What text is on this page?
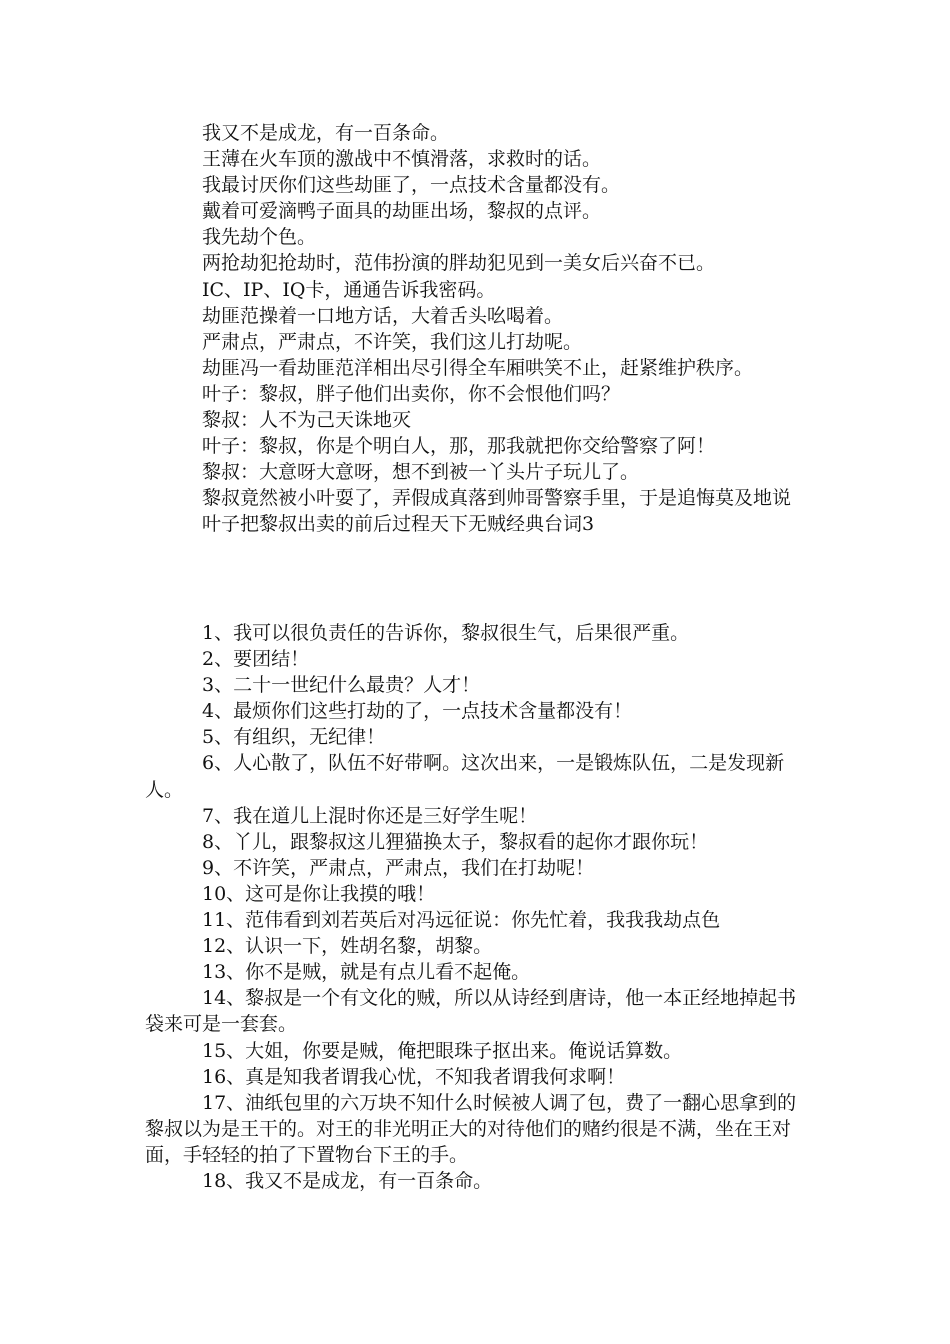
我又不是成龙，有一百条命。

王薄在火车顶的激战中不慎滑落，求救时的话。

我最讨厌你们这些劫匪了，一点技术含量都没有。

戴着可爱滴鸭子面具的劫匪出场，黎叔的点评。

我先劫个色。

两抢劫犯抢劫时，范伟扮演的胖劫犯见到一美女后兴奋不已。

IC、IP、IQ卡，通通告诉我密码。

劫匪范操着一口地方话，大着舌头吆喝着。

严肃点，严肃点，不许笑，我们这儿打劫呢。

劫匪冯一看劫匪范洋相出尽引得全车厢哄笑不止，赶紧维护秩序。

叶子：黎叔，胖子他们出卖你，你不会恨他们吗？

黎叔：人不为己天诛地灭

叶子：黎叔，你是个明白人，那，那我就把你交给警察了阿！

黎叔：大意呀大意呀，想不到被一丫头片子玩儿了。

黎叔竟然被小叶耍了，弄假成真落到帅哥警察手里，于是追悔莫及地说

叶子把黎叔出卖的前后过程天下无贼经典台词3

1、我可以很负责任的告诉你，黎叔很生气，后果很严重。

2、要团结！

3、二十一世纪什么最贵？人才！

4、最烦你们这些打劫的了，一点技术含量都没有！

5、有组织，无纪律！

6、人心散了，队伍不好带啊。这次出来，一是锻炼队伍，二是发现新人。

7、我在道儿上混时你还是三好学生呢！

8、丫儿，跟黎叔这儿狸猫换太子，黎叔看的起你才跟你玩！

9、不许笑，严肃点，严肃点，我们在打劫呢！

10、这可是你让我摸的哦！

11、范伟看到刘若英后对冯远征说：你先忙着，我我我劫点色

12、认识一下，姓胡名黎，胡黎。

13、你不是贼，就是有点儿看不起俺。

14、黎叔是一个有文化的贼，所以从诗经到唐诗，他一本正经地掉起书袋来可是一套套。

15、大姐，你要是贼，俺把眼珠子抠出来。俺说话算数。

16、真是知我者谓我心忧，不知我者谓我何求啊！

17、油纸包里的六万块不知什么时候被人调了包，费了一翻心思拿到的黎叔以为是王干的。对王的非光明正大的对待他们的赌约很是不满，坐在王对面，手轻轻的拍了下置物台下王的手。

18、我又不是成龙，有一百条命。
